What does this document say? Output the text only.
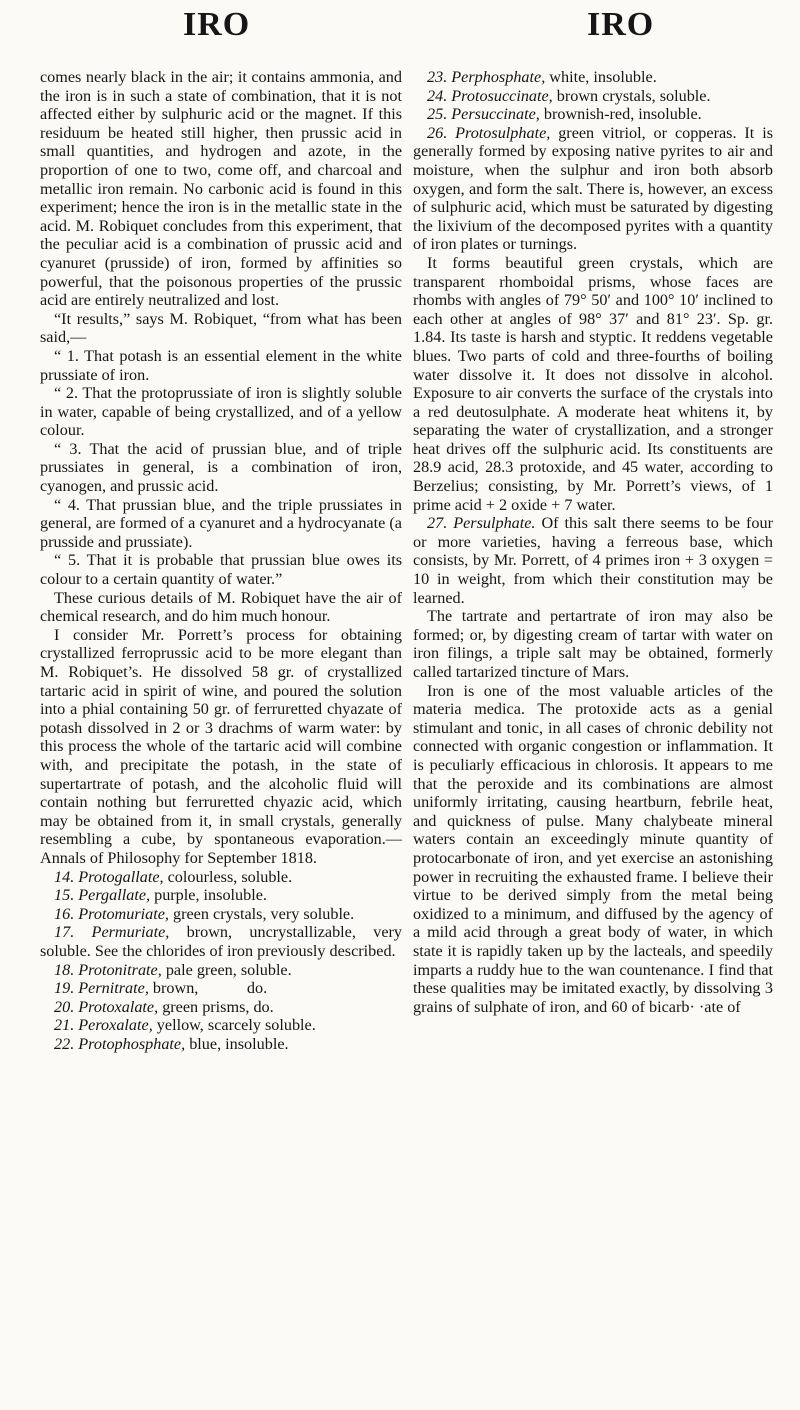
IRO	IRO

comes nearly black in the air; it contains ammonia, and the iron is in such a state of combination, that it is not affected either by sulphuric acid or the magnet. If this residuum be heated still higher, then prussic acid in small quantities, and hydrogen and azote, in the proportion of one to two, come off, and charcoal and metallic iron remain. No carbonic acid is found in this experiment; hence the iron is in the metallic state in the acid. M. Robiquet concludes from this experiment, that the peculiar acid is a combination of prussic acid and cyanuret (prusside) of iron, formed by affinities so powerful, that the poisonous properties of the prussic acid are entirely neutralized and lost.

“It results,” says M. Robiquet, “from what has been said,—

“ 1. That potash is an essential element in the white prussiate of iron.

“ 2. That the protoprussiate of iron is slightly soluble in water, capable of being crystallized, and of a yellow colour.

“ 3. That the acid of prussian blue, and of triple prussiates in general, is a combination of iron, cyanogen, and prussic acid.

“ 4. That prussian blue, and the triple prussiates in general, are formed of a cyanuret and a hydrocyanate (a prusside and prussiate).

“ 5. That it is probable that prussian blue owes its colour to a certain quantity of water.”

These curious details of M. Robiquet have the air of chemical research, and do him much honour.

I consider Mr. Porrett’s process for obtaining crystallized ferroprussic acid to be more elegant than M. Robiquet’s. He dissolved 58 gr. of crystallized tartaric acid in spirit of wine, and poured the solution into a phial containing 50 gr. of ferruretted chyazate of potash dissolved in 2 or 3 drachms of warm water: by this process the whole of the tartaric acid will combine with, and precipitate the potash, in the state of supertartrate of potash, and the alcoholic fluid will contain nothing but ferruretted chyazic acid, which may be obtained from it, in small crystals, generally resembling a cube, by spontaneous evaporation.—Annals of Philosophy for September 1818.

14. Protogallate, colourless, soluble.

15. Pergallate, purple, insoluble.

16. Protomuriate, green crystals, very soluble.

17. Permuriate, brown, uncrystallizable, very soluble. See the chlorides of iron previously described.

18. Protonitrate, pale green, soluble.

19. Pernitrate, brown,            do.

20. Protoxalate, green prisms, do.

21. Peroxalate, yellow, scarcely soluble.

22. Protophosphate, blue, insoluble.

23. Perphosphate, white, insoluble.

24. Protosuccinate, brown crystals, soluble.

25. Persuccinate, brownish-red, insoluble.

26. Protosulphate, green vitriol, or copperas. It is generally formed by exposing native pyrites to air and moisture, when the sulphur and iron both absorb oxygen, and form the salt. There is, however, an excess of sulphuric acid, which must be saturated by digesting the lixivium of the decomposed pyrites with a quantity of iron plates or turnings.

It forms beautiful green crystals, which are transparent rhomboidal prisms, whose faces are rhombs with angles of 79° 50′ and 100° 10′ inclined to each other at angles of 98° 37′ and 81° 23′. Sp. gr. 1.84. Its taste is harsh and styptic. It reddens vegetable blues. Two parts of cold and three-fourths of boiling water dissolve it. It does not dissolve in alcohol. Exposure to air converts the surface of the crystals into a red deutosulphate. A moderate heat whitens it, by separating the water of crystallization, and a stronger heat drives off the sulphuric acid. Its constituents are 28.9 acid, 28.3 protoxide, and 45 water, according to Berzelius; consisting, by Mr. Porrett’s views, of 1 prime acid + 2 oxide + 7 water.

27. Persulphate. Of this salt there seems to be four or more varieties, having a ferreous base, which consists, by Mr. Porrett, of 4 primes iron + 3 oxygen = 10 in weight, from which their constitution may be learned.

The tartrate and pertartrate of iron may also be formed; or, by digesting cream of tartar with water on iron filings, a triple salt may be obtained, formerly called tartarized tincture of Mars.

Iron is one of the most valuable articles of the materia medica. The protoxide acts as a genial stimulant and tonic, in all cases of chronic debility not connected with organic congestion or inflammation. It is peculiarly efficacious in chlorosis. It appears to me that the peroxide and its combinations are almost uniformly irritating, causing heartburn, febrile heat, and quickness of pulse. Many chalybeate mineral waters contain an exceedingly minute quantity of protocarbonate of iron, and yet exercise an astonishing power in recruiting the exhausted frame. I believe their virtue to be derived simply from the metal being oxidized to a minimum, and diffused by the agency of a mild acid through a great body of water, in which state it is rapidly taken up by the lacteals, and speedily imparts a ruddy hue to the wan countenance. I find that these qualities may be imitated exactly, by dissolving 3 grains of sulphate of iron, and 60 of bicarb· ·ate of
